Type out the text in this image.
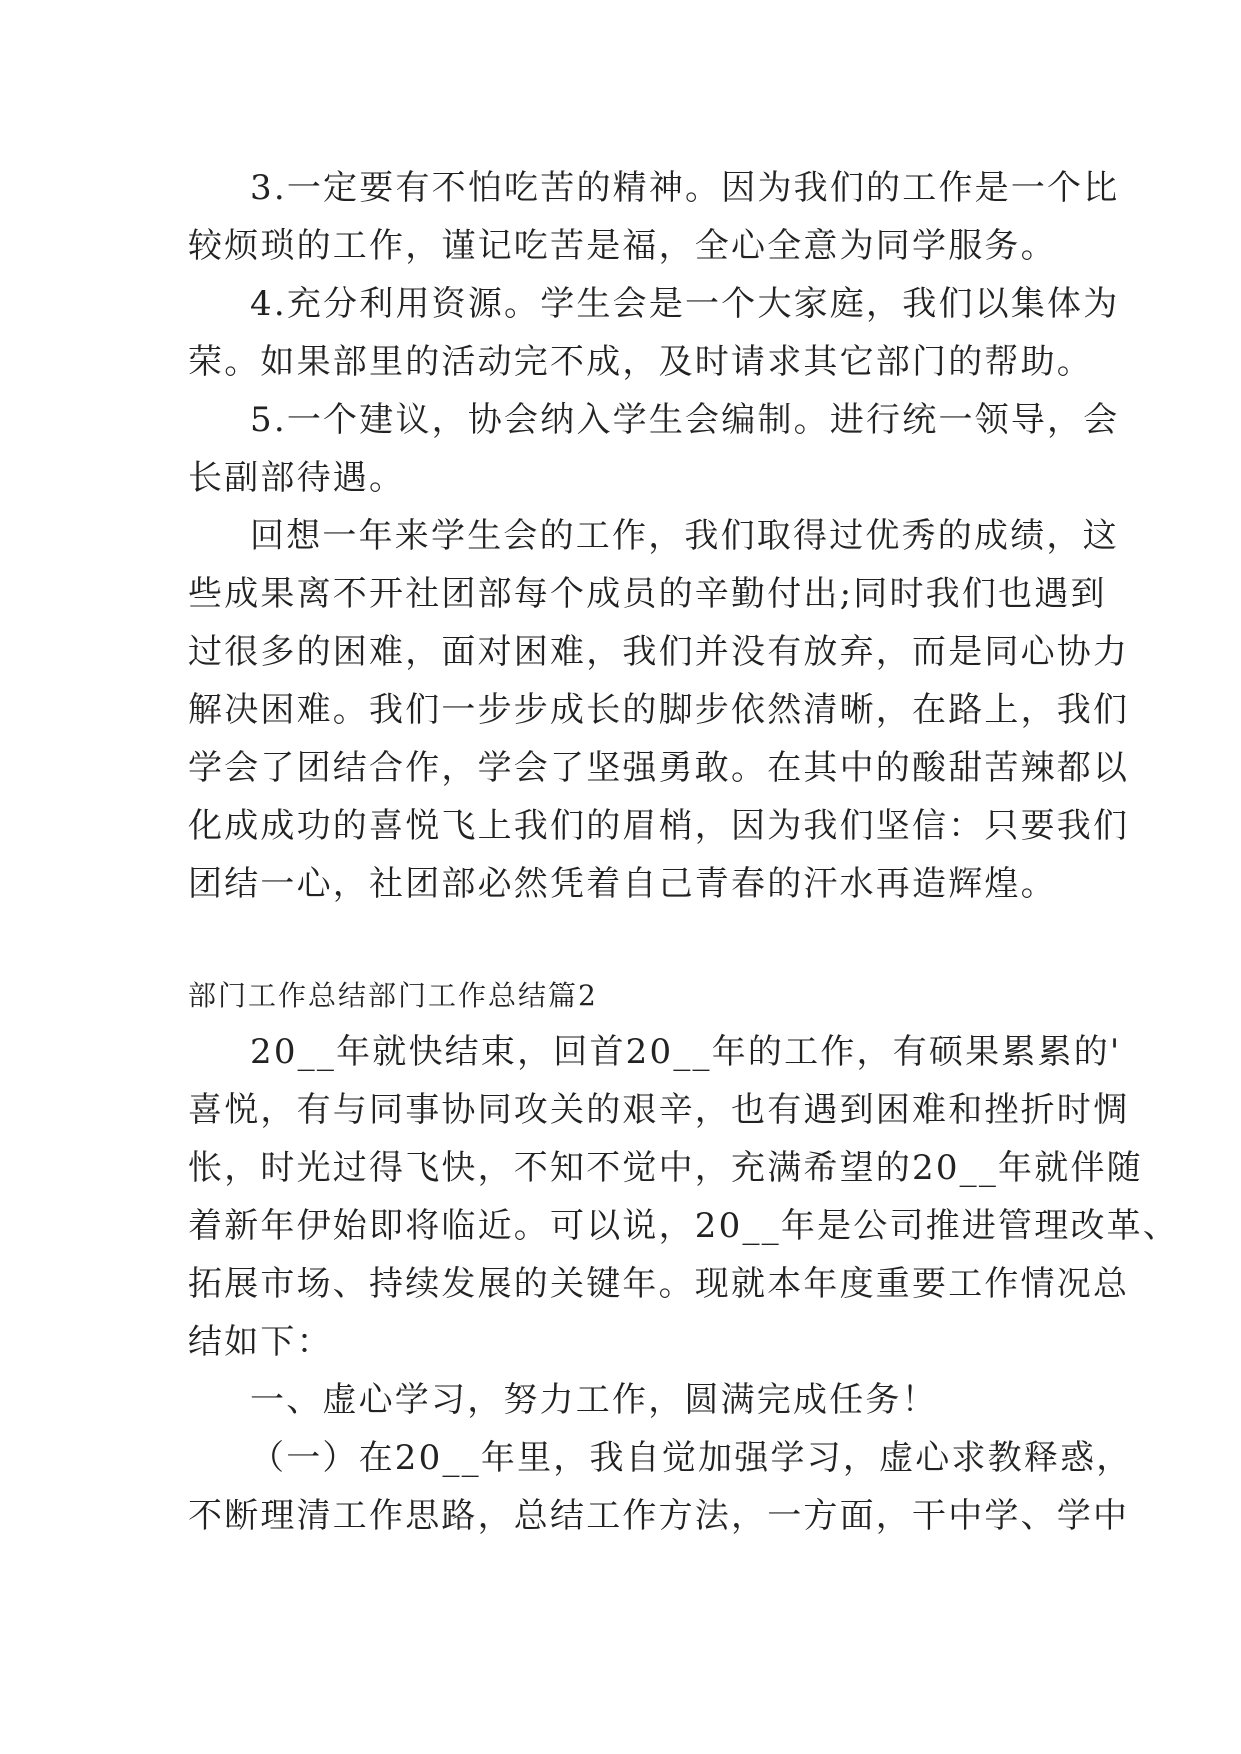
3.一定要有不怕吃苦的精神。因为我们的工作是一个比
较烦琐的工作，谨记吃苦是福，全心全意为同学服务。
4.充分利用资源。学生会是一个大家庭，我们以集体为
荣。如果部里的活动完不成，及时请求其它部门的帮助。
5.一个建议，协会纳入学生会编制。进行统一领导，会
长副部待遇。
回想一年来学生会的工作，我们取得过优秀的成绩，这
些成果离不开社团部每个成员的辛勤付出;同时我们也遇到
过很多的困难，面对困难，我们并没有放弃，而是同心协力
解决困难。我们一步步成长的脚步依然清晰，在路上，我们
学会了团结合作，学会了坚强勇敢。在其中的酸甜苦辣都以
化成成功的喜悦飞上我们的眉梢，因为我们坚信：只要我们
团结一心，社团部必然凭着自己青春的汗水再造辉煌。
部门工作总结部门工作总结篇2
20__年就快结束，回首20__年的工作，有硕果累累的'
喜悦，有与同事协同攻关的艰辛，也有遇到困难和挫折时惆
怅，时光过得飞快，不知不觉中，充满希望的20__年就伴随
着新年伊始即将临近。可以说，20__年是公司推进管理改革、
拓展市场、持续发展的关键年。现就本年度重要工作情况总
结如下：
一、虚心学习，努力工作，圆满完成任务！
（一）在20__年里，我自觉加强学习，虚心求教释惑，
不断理清工作思路，总结工作方法，一方面，干中学、学中
